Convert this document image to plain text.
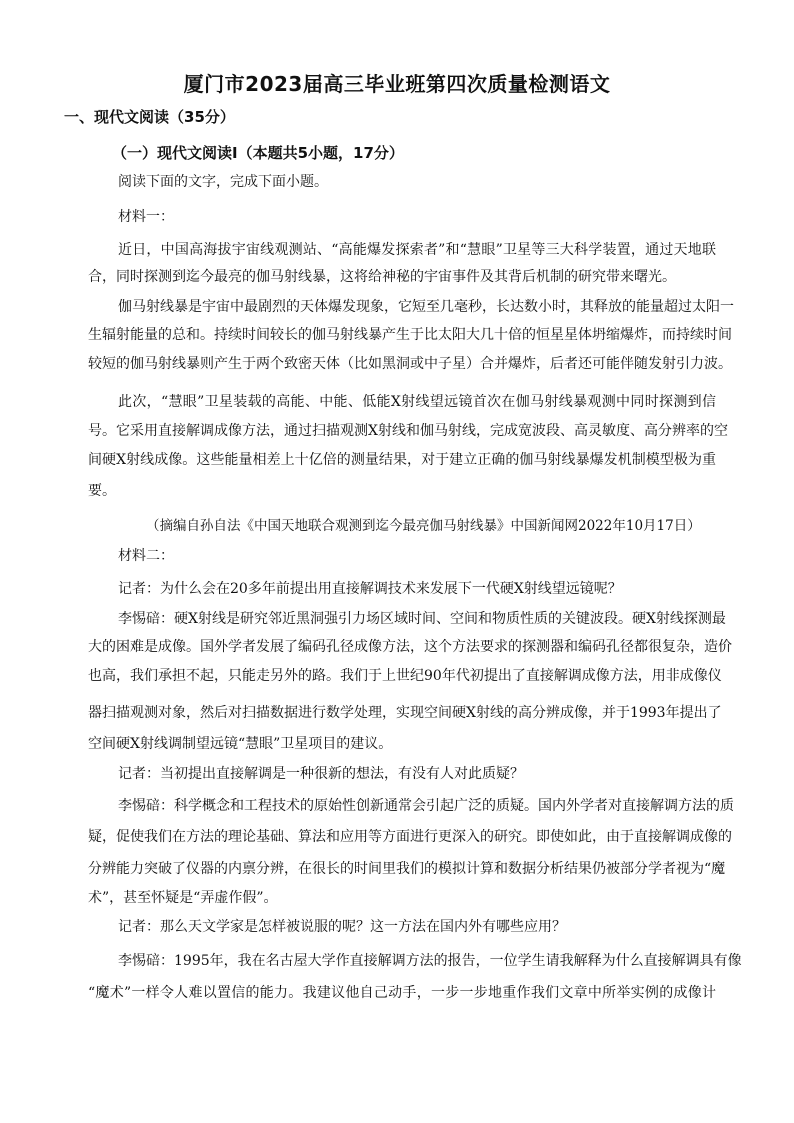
厦门市2023届高三毕业班第四次质量检测语文
一、现代文阅读（35分）
（一）现代文阅读Ⅰ（本题共5小题，17分）
阅读下面的文字，完成下面小题。
材料一：
近日，中国高海拔宇宙线观测站、“高能爆发探索者”和“慧眼”卫星等三大科学装置，通过天地联
合，同时探测到迄今最亮的伽马射线暴，这将给神秘的宇宙事件及其背后机制的研究带来曙光。
伽马射线暴是宇宙中最剧烈的天体爆发现象，它短至几毫秒，长达数小时，其释放的能量超过太阳一
生辐射能量的总和。持续时间较长的伽马射线暴产生于比太阳大几十倍的恒星星体坍缩爆炸，而持续时间
较短的伽马射线暴则产生于两个致密天体（比如黑洞或中子星）合并爆炸，后者还可能伴随发射引力波。
此次，“慧眼”卫星装载的高能、中能、低能X射线望远镜首次在伽马射线暴观测中同时探测到信
号。它采用直接解调成像方法，通过扫描观测X射线和伽马射线，完成宽波段、高灵敏度、高分辨率的空
间硬X射线成像。这些能量相差上十亿倍的测量结果，对于建立正确的伽马射线暴爆发机制模型极为重
要。
（摘编自孙自法《中国天地联合观测到迄今最亮伽马射线暴》中国新闻网2022年10月17日）
材料二：
记者：为什么会在20多年前提出用直接解调技术来发展下一代硬X射线望远镜呢？
李惕碚：硬X射线是研究邻近黑洞强引力场区域时间、空间和物质性质的关键波段。硬X射线探测最
大的困难是成像。国外学者发展了编码孔径成像方法，这个方法要求的探测器和编码孔径都很复杂，造价
也高，我们承担不起，只能走另外的路。我们于上世纪90年代初提出了直接解调成像方法，用非成像仪
器扫描观测对象，然后对扫描数据进行数学处理，实现空间硬X射线的高分辨成像，并于1993年提出了
空间硬X射线调制望远镜“慧眼”卫星项目的建议。
记者：当初提出直接解调是一种很新的想法，有没有人对此质疑？
李惕碚：科学概念和工程技术的原始性创新通常会引起广泛的质疑。国内外学者对直接解调方法的质
疑，促使我们在方法的理论基础、算法和应用等方面进行更深入的研究。即使如此，由于直接解调成像的
分辨能力突破了仪器的内禀分辨，在很长的时间里我们的模拟计算和数据分析结果仍被部分学者视为“魔
术”，甚至怀疑是“弄虚作假”。
记者：那么天文学家是怎样被说服的呢？这一方法在国内外有哪些应用？
李惕碚：1995年，我在名古屋大学作直接解调方法的报告，一位学生请我解释为什么直接解调具有像
“魔术”一样令人难以置信的能力。我建议他自己动手，一步一步地重作我们文章中所举实例的成像计
